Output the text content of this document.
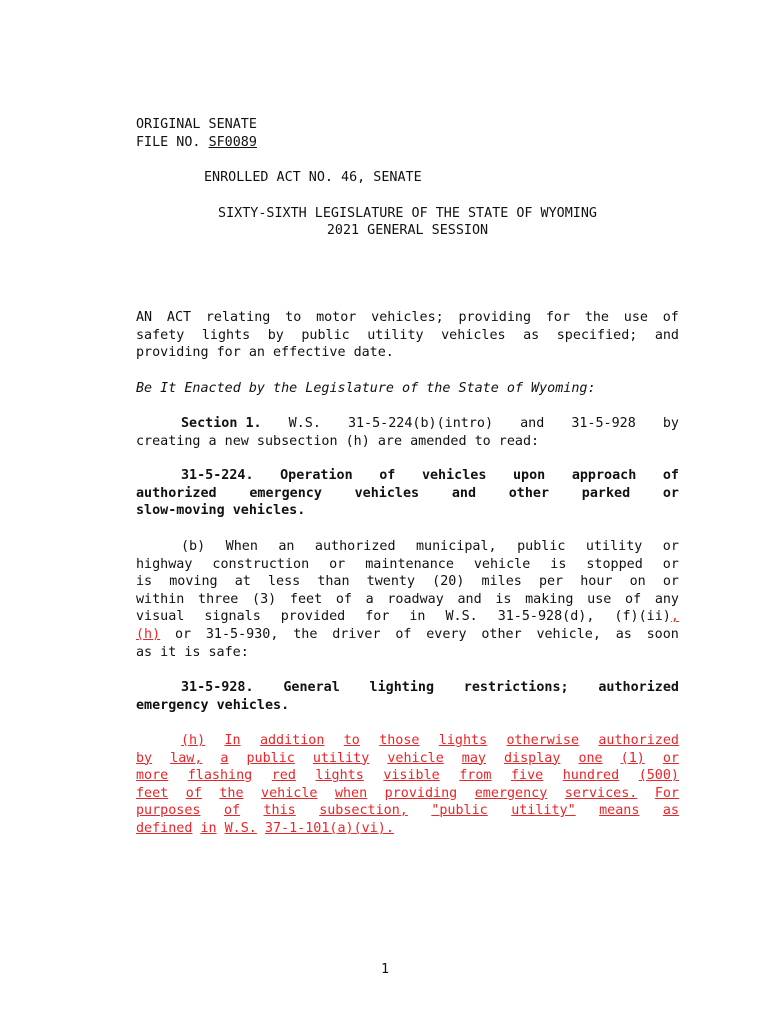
ORIGINAL SENATE
FILE NO. SF0089
ENROLLED ACT NO. 46, SENATE
SIXTY-SIXTH LEGISLATURE OF THE STATE OF WYOMING
2021 GENERAL SESSION
AN ACT relating to motor vehicles; providing for the use of
safety lights by public utility vehicles as specified; and
providing for an effective date.
Be It Enacted by the Legislature of the State of Wyoming:
Section 1. W.S. 31-5-224(b)(intro) and 31-5-928 by
creating a new subsection (h) are amended to read:
31-5-224. Operation of vehicles upon approach of
authorized emergency vehicles and other parked or
slow-moving vehicles.
(b) When an authorized municipal, public utility or
highway construction or maintenance vehicle is stopped or
is moving at less than twenty (20) miles per hour on or
within three (3) feet of a roadway and is making use of any
visual signals provided for in W.S. 31-5-928(d), (f)(ii),
(h) or 31-5-930, the driver of every other vehicle, as soon
as it is safe:
31-5-928. General lighting restrictions; authorized
emergency vehicles.
(h) In addition to those lights otherwise authorized
by law, a public utility vehicle may display one (1) or
more flashing red lights visible from five hundred (500)
feet of the vehicle when providing emergency services. For
purposes of this subsection, "public utility" means as
defined in W.S. 37-1-101(a)(vi).
1
